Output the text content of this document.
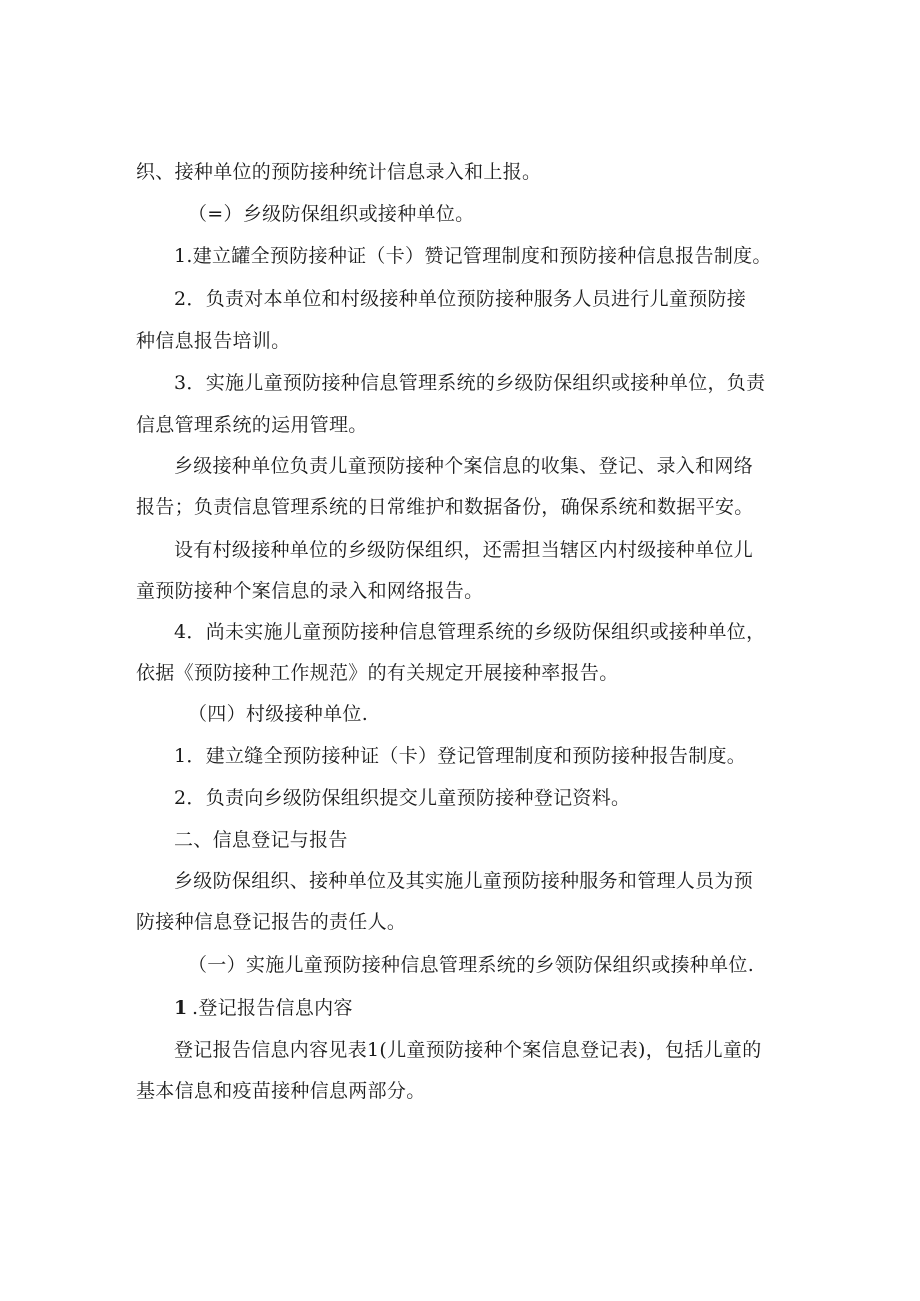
织、接种单位的预防接种统计信息录入和上报。
（=）乡级防保组织或接种单位。
1.建立罐全预防接种证（卡）赞记管理制度和预防接种信息报告制度。
2．负责对本单位和村级接种单位预防接种服务人员进行儿童预防接
种信息报告培训。
3．实施儿童预防接种信息管理系统的乡级防保组织或接种单位，负责
信息管理系统的运用管理。
乡级接种单位负责儿童预防接种个案信息的收集、登记、录入和网络
报告；负责信息管理系统的日常维护和数据备份，确保系统和数据平安。
设有村级接种单位的乡级防保组织，还需担当辖区内村级接种单位儿
童预防接种个案信息的录入和网络报告。
4．尚未实施儿童预防接种信息管理系统的乡级防保组织或接种单位，
依据《预防接种工作规范》的有关规定开展接种率报告。
（四）村级接种单位.
1．建立缝全预防接种证（卡）登记管理制度和预防接种报告制度。
2．负责向乡级防保组织提交儿童预防接种登记资料。
二、信息登记与报告
乡级防保组织、接种单位及其实施儿童预防接种服务和管理人员为预
防接种信息登记报告的责任人。
（一）实施儿童预防接种信息管理系统的乡领防保组织或揍种单位.
1 .登记报告信息内容
登记报告信息内容见表1(儿童预防接种个案信息登记表)，包括儿童的
基本信息和疫苗接种信息两部分。
